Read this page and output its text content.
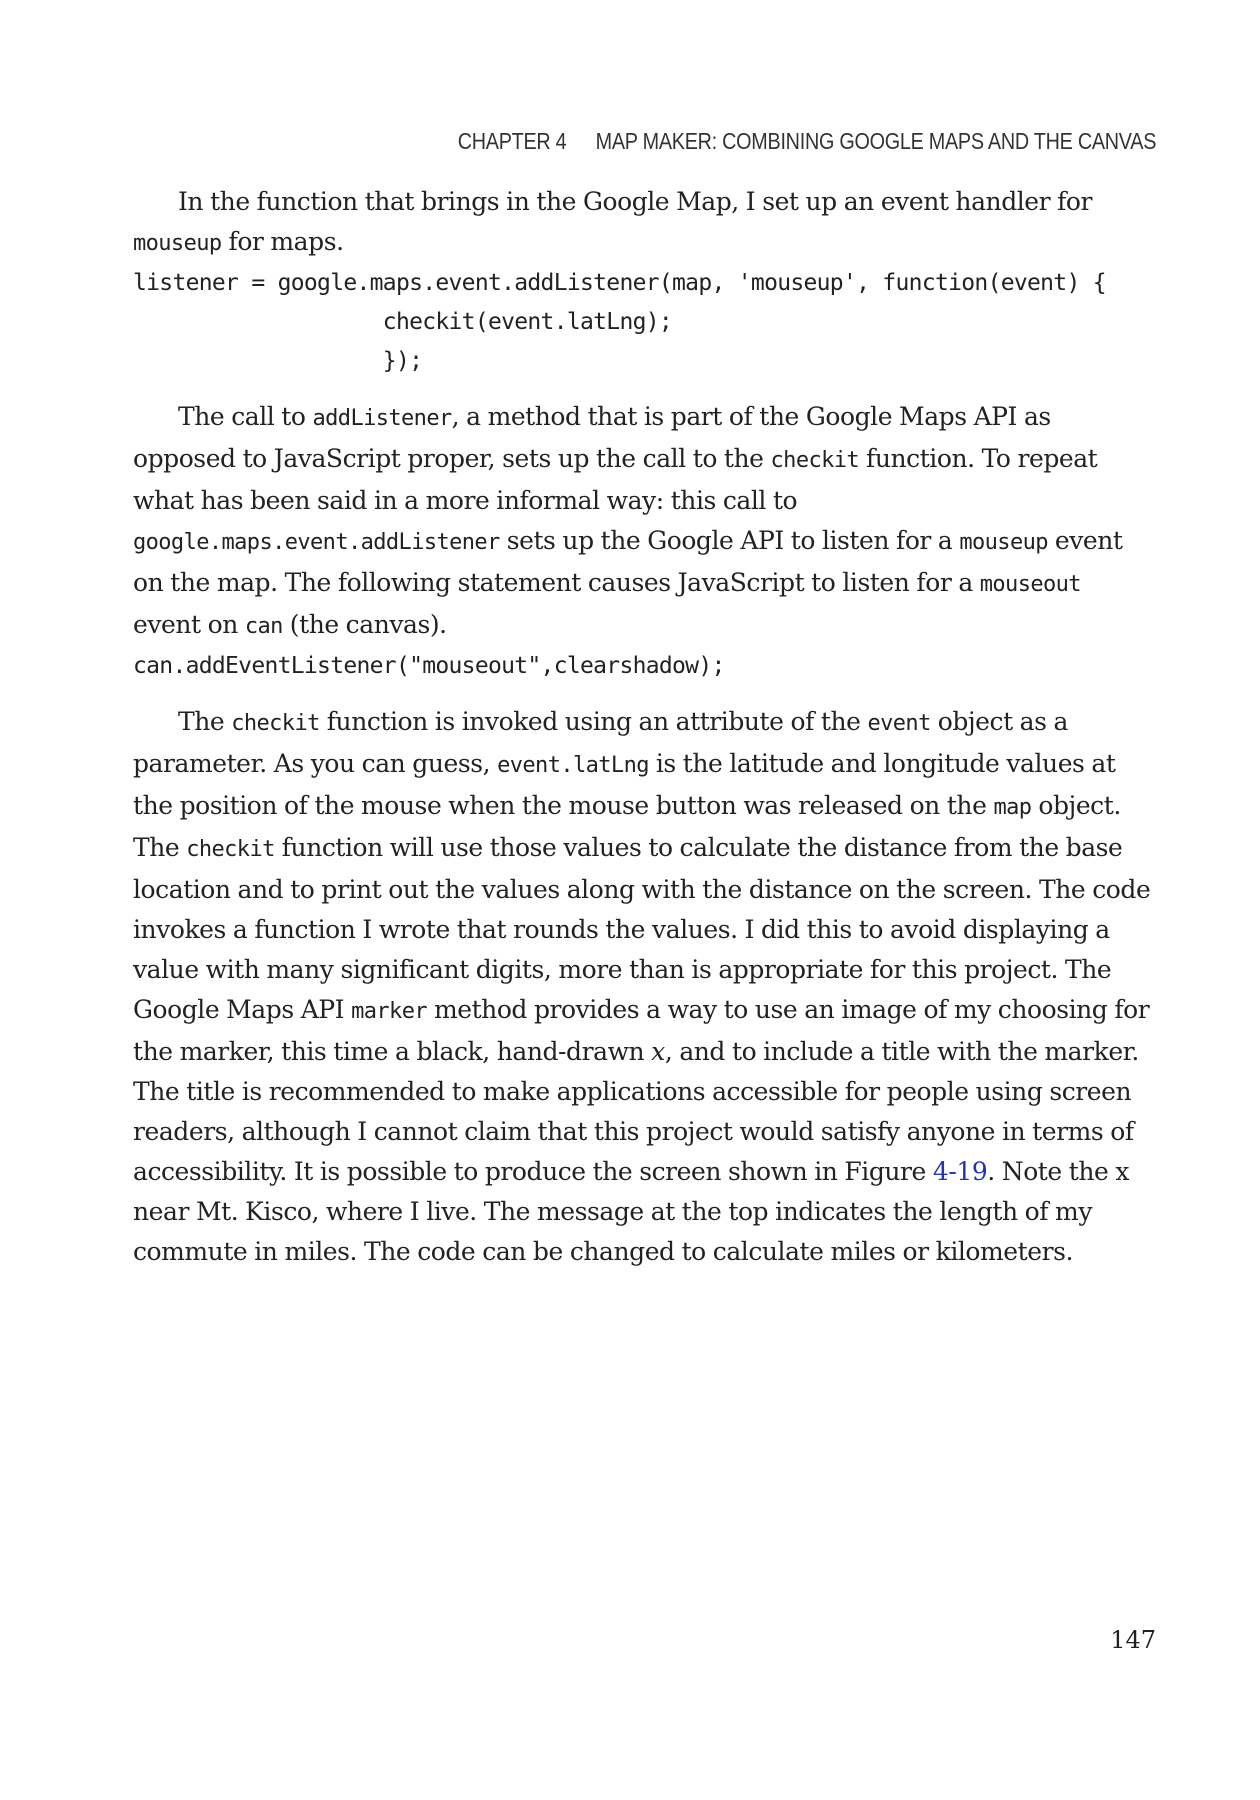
CHAPTER 4 MAP MAKER: COMBINING GOOGLE MAPS AND THE CANVAS

In the function that brings in the Google Map, I set up an event handler for mouseup for maps.

listener = google.maps.event.addListener(map, 'mouseup', function(event) {
checkit(event.latLng);
});

The call to addListener, a method that is part of the Google Maps API as opposed to JavaScript proper, sets up the call to the checkit function. To repeat what has been said in a more informal way: this call to google.maps.event.addListener sets up the Google API to listen for a mouseup event on the map. The following statement causes JavaScript to listen for a mouseout event on can (the canvas).

can.addEventListener("mouseout",clearshadow);

The checkit function is invoked using an attribute of the event object as a parameter. As you can guess, event.latLng is the latitude and longitude values at the position of the mouse when the mouse button was released on the map object. The checkit function will use those values to calculate the distance from the base location and to print out the values along with the distance on the screen. The code invokes a function I wrote that rounds the values. I did this to avoid displaying a value with many significant digits, more than is appropriate for this project. The Google Maps API marker method provides a way to use an image of my choosing for the marker, this time a black, hand-drawn x, and to include a title with the marker. The title is recommended to make applications accessible for people using screen readers, although I cannot claim that this project would satisfy anyone in terms of accessibility. It is possible to produce the screen shown in Figure 4-19. Note the x near Mt. Kisco, where I live. The message at the top indicates the length of my commute in miles. The code can be changed to calculate miles or kilometers.

147
